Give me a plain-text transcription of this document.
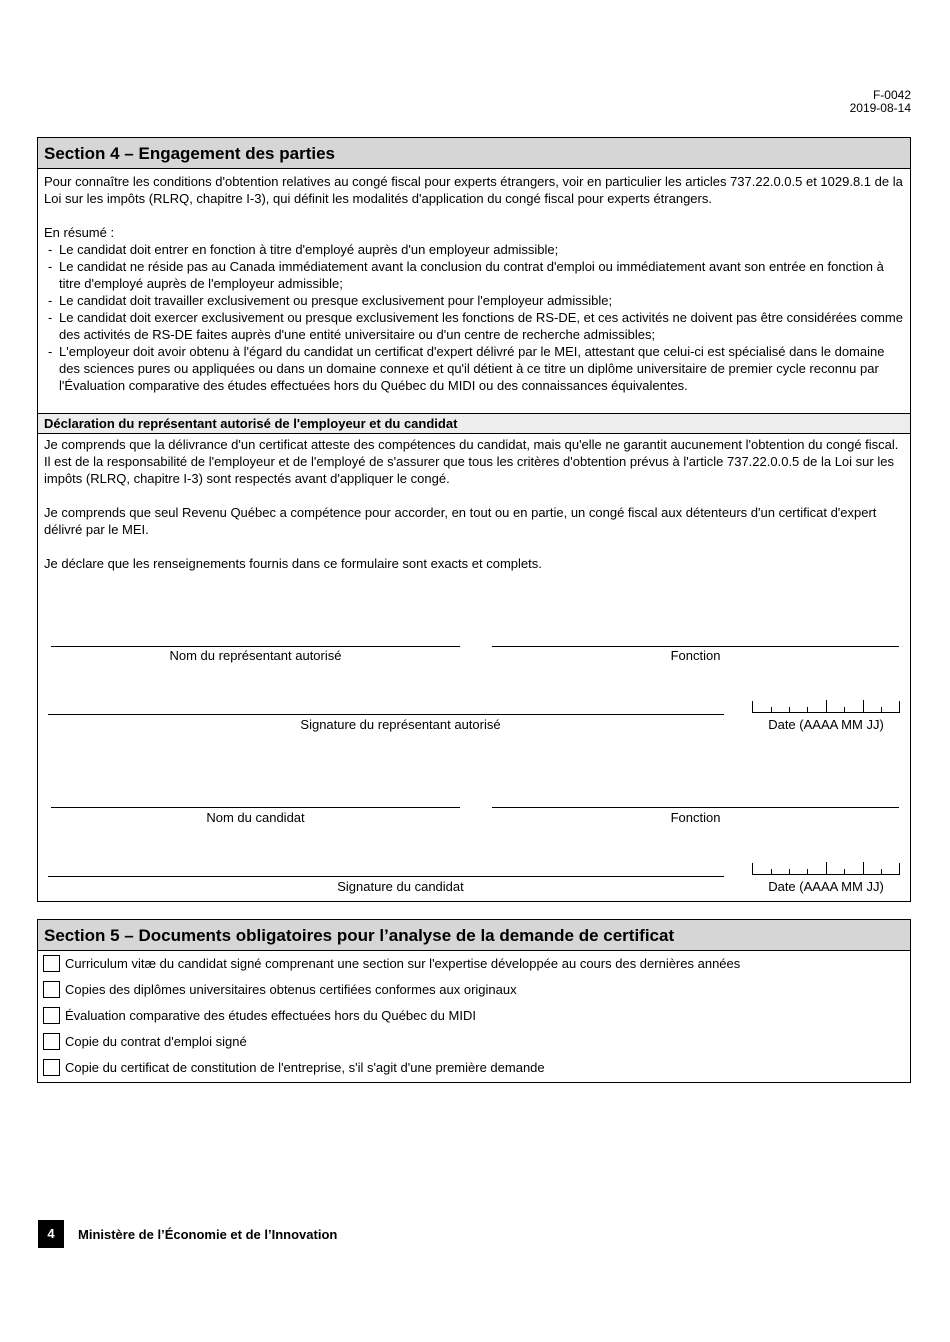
F-0042
2019-08-14
Section 4 – Engagement des parties

Pour connaître les conditions d'obtention relatives au congé fiscal pour experts étrangers, voir en particulier les articles 737.22.0.0.5 et 1029.8.1 de la Loi sur les impôts (RLRQ, chapitre I-3), qui définit les modalités d'application du congé fiscal pour experts étrangers.

En résumé :

- Le candidat doit entrer en fonction à titre d'employé auprès d'un employeur admissible;
- Le candidat ne réside pas au Canada immédiatement avant la conclusion du contrat d'emploi ou immédiatement avant son entrée en fonction à titre d'employé auprès de l'employeur admissible;
- Le candidat doit travailler exclusivement ou presque exclusivement pour l'employeur admissible;
- Le candidat doit exercer exclusivement ou presque exclusivement les fonctions de RS-DE, et ces activités ne doivent pas être considérées comme des activités de RS-DE faites auprès d'une entité universitaire ou d'un centre de recherche admissibles;
- L'employeur doit avoir obtenu à l'égard du candidat un certificat d'expert délivré par le MEI, attestant que celui-ci est spécialisé dans le domaine des sciences pures ou appliquées ou dans un domaine connexe et qu'il détient à ce titre un diplôme universitaire de premier cycle reconnu par l'Évaluation comparative des études effectuées hors du Québec du MIDI ou des connaissances équivalentes.
Déclaration du représentant autorisé de l'employeur et du candidat

Je comprends que la délivrance d'un certificat atteste des compétences du candidat, mais qu'elle ne garantit aucunement l'obtention du congé fiscal. Il est de la responsabilité de l'employeur et de l'employé de s'assurer que tous les critères d'obtention prévus à l'article 737.22.0.0.5 de la Loi sur les impôts (RLRQ, chapitre I-3) sont respectés avant d'appliquer le congé.

Je comprends que seul Revenu Québec a compétence pour accorder, en tout ou en partie, un congé fiscal aux détenteurs d'un certificat d'expert délivré par le MEI.

Je déclare que les renseignements fournis dans ce formulaire sont exacts et complets.

Nom du représentant autorisé	Fonction
Signature du représentant autorisé	Date (AAAA MM JJ)
Nom du candidat	Fonction
Signature du candidat	Date (AAAA MM JJ)
Section 5 – Documents obligatoires pour l’analyse de la demande de certificat
Curriculum vitæ du candidat signé comprenant une section sur l'expertise développée au cours des dernières années
Copies des diplômes universitaires obtenus certifiées conformes aux originaux
Évaluation comparative des études effectuées hors du Québec du MIDI
Copie du contrat d'emploi signé
Copie du certificat de constitution de l'entreprise, s'il s'agit d'une première demande
4	Ministère de l’Économie et de l’Innovation
